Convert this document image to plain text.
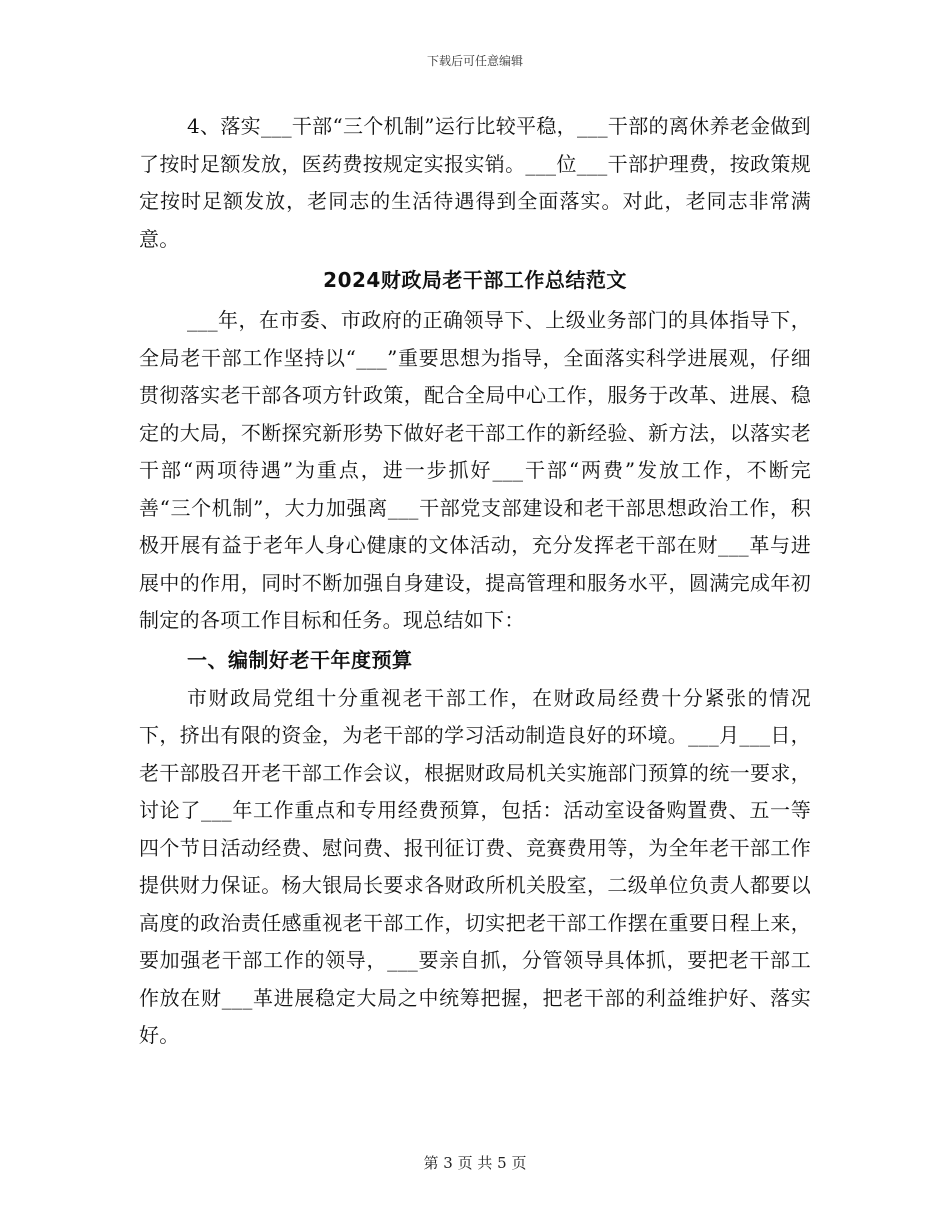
下载后可任意编辑

4、落实___干部“三个机制”运行比较平稳，___干部的离休养老金做到了按时足额发放，医药费按规定实报实销。___位___干部护理费，按政策规定按时足额发放，老同志的生活待遇得到全面落实。对此，老同志非常满意。

2024财政局老干部工作总结范文

___年，在市委、市政府的正确领导下、上级业务部门的具体指导下，全局老干部工作坚持以“___”重要思想为指导，全面落实科学进展观，仔细贯彻落实老干部各项方针政策，配合全局中心工作，服务于改革、进展、稳定的大局，不断探究新形势下做好老干部工作的新经验、新方法，以落实老干部“两项待遇”为重点，进一步抓好___干部“两费”发放工作，不断完善“三个机制”，大力加强离___干部党支部建设和老干部思想政治工作，积极开展有益于老年人身心健康的文体活动，充分发挥老干部在财___革与进展中的作用，同时不断加强自身建设，提高管理和服务水平，圆满完成年初制定的各项工作目标和任务。现总结如下：

一、编制好老干年度预算

市财政局党组十分重视老干部工作，在财政局经费十分紧张的情况下，挤出有限的资金，为老干部的学习活动制造良好的环境。___月___日，老干部股召开老干部工作会议，根据财政局机关实施部门预算的统一要求，讨论了___年工作重点和专用经费预算，包括：活动室设备购置费、五一等四个节日活动经费、慰问费、报刊征订费、竞赛费用等，为全年老干部工作提供财力保证。杨大银局长要求各财政所机关股室，二级单位负责人都要以高度的政治责任感重视老干部工作，切实把老干部工作摆在重要日程上来，要加强老干部工作的领导，___要亲自抓，分管领导具体抓，要把老干部工作放在财___革进展稳定大局之中统筹把握，把老干部的利益维护好、落实好。

第 3 页 共 5 页
